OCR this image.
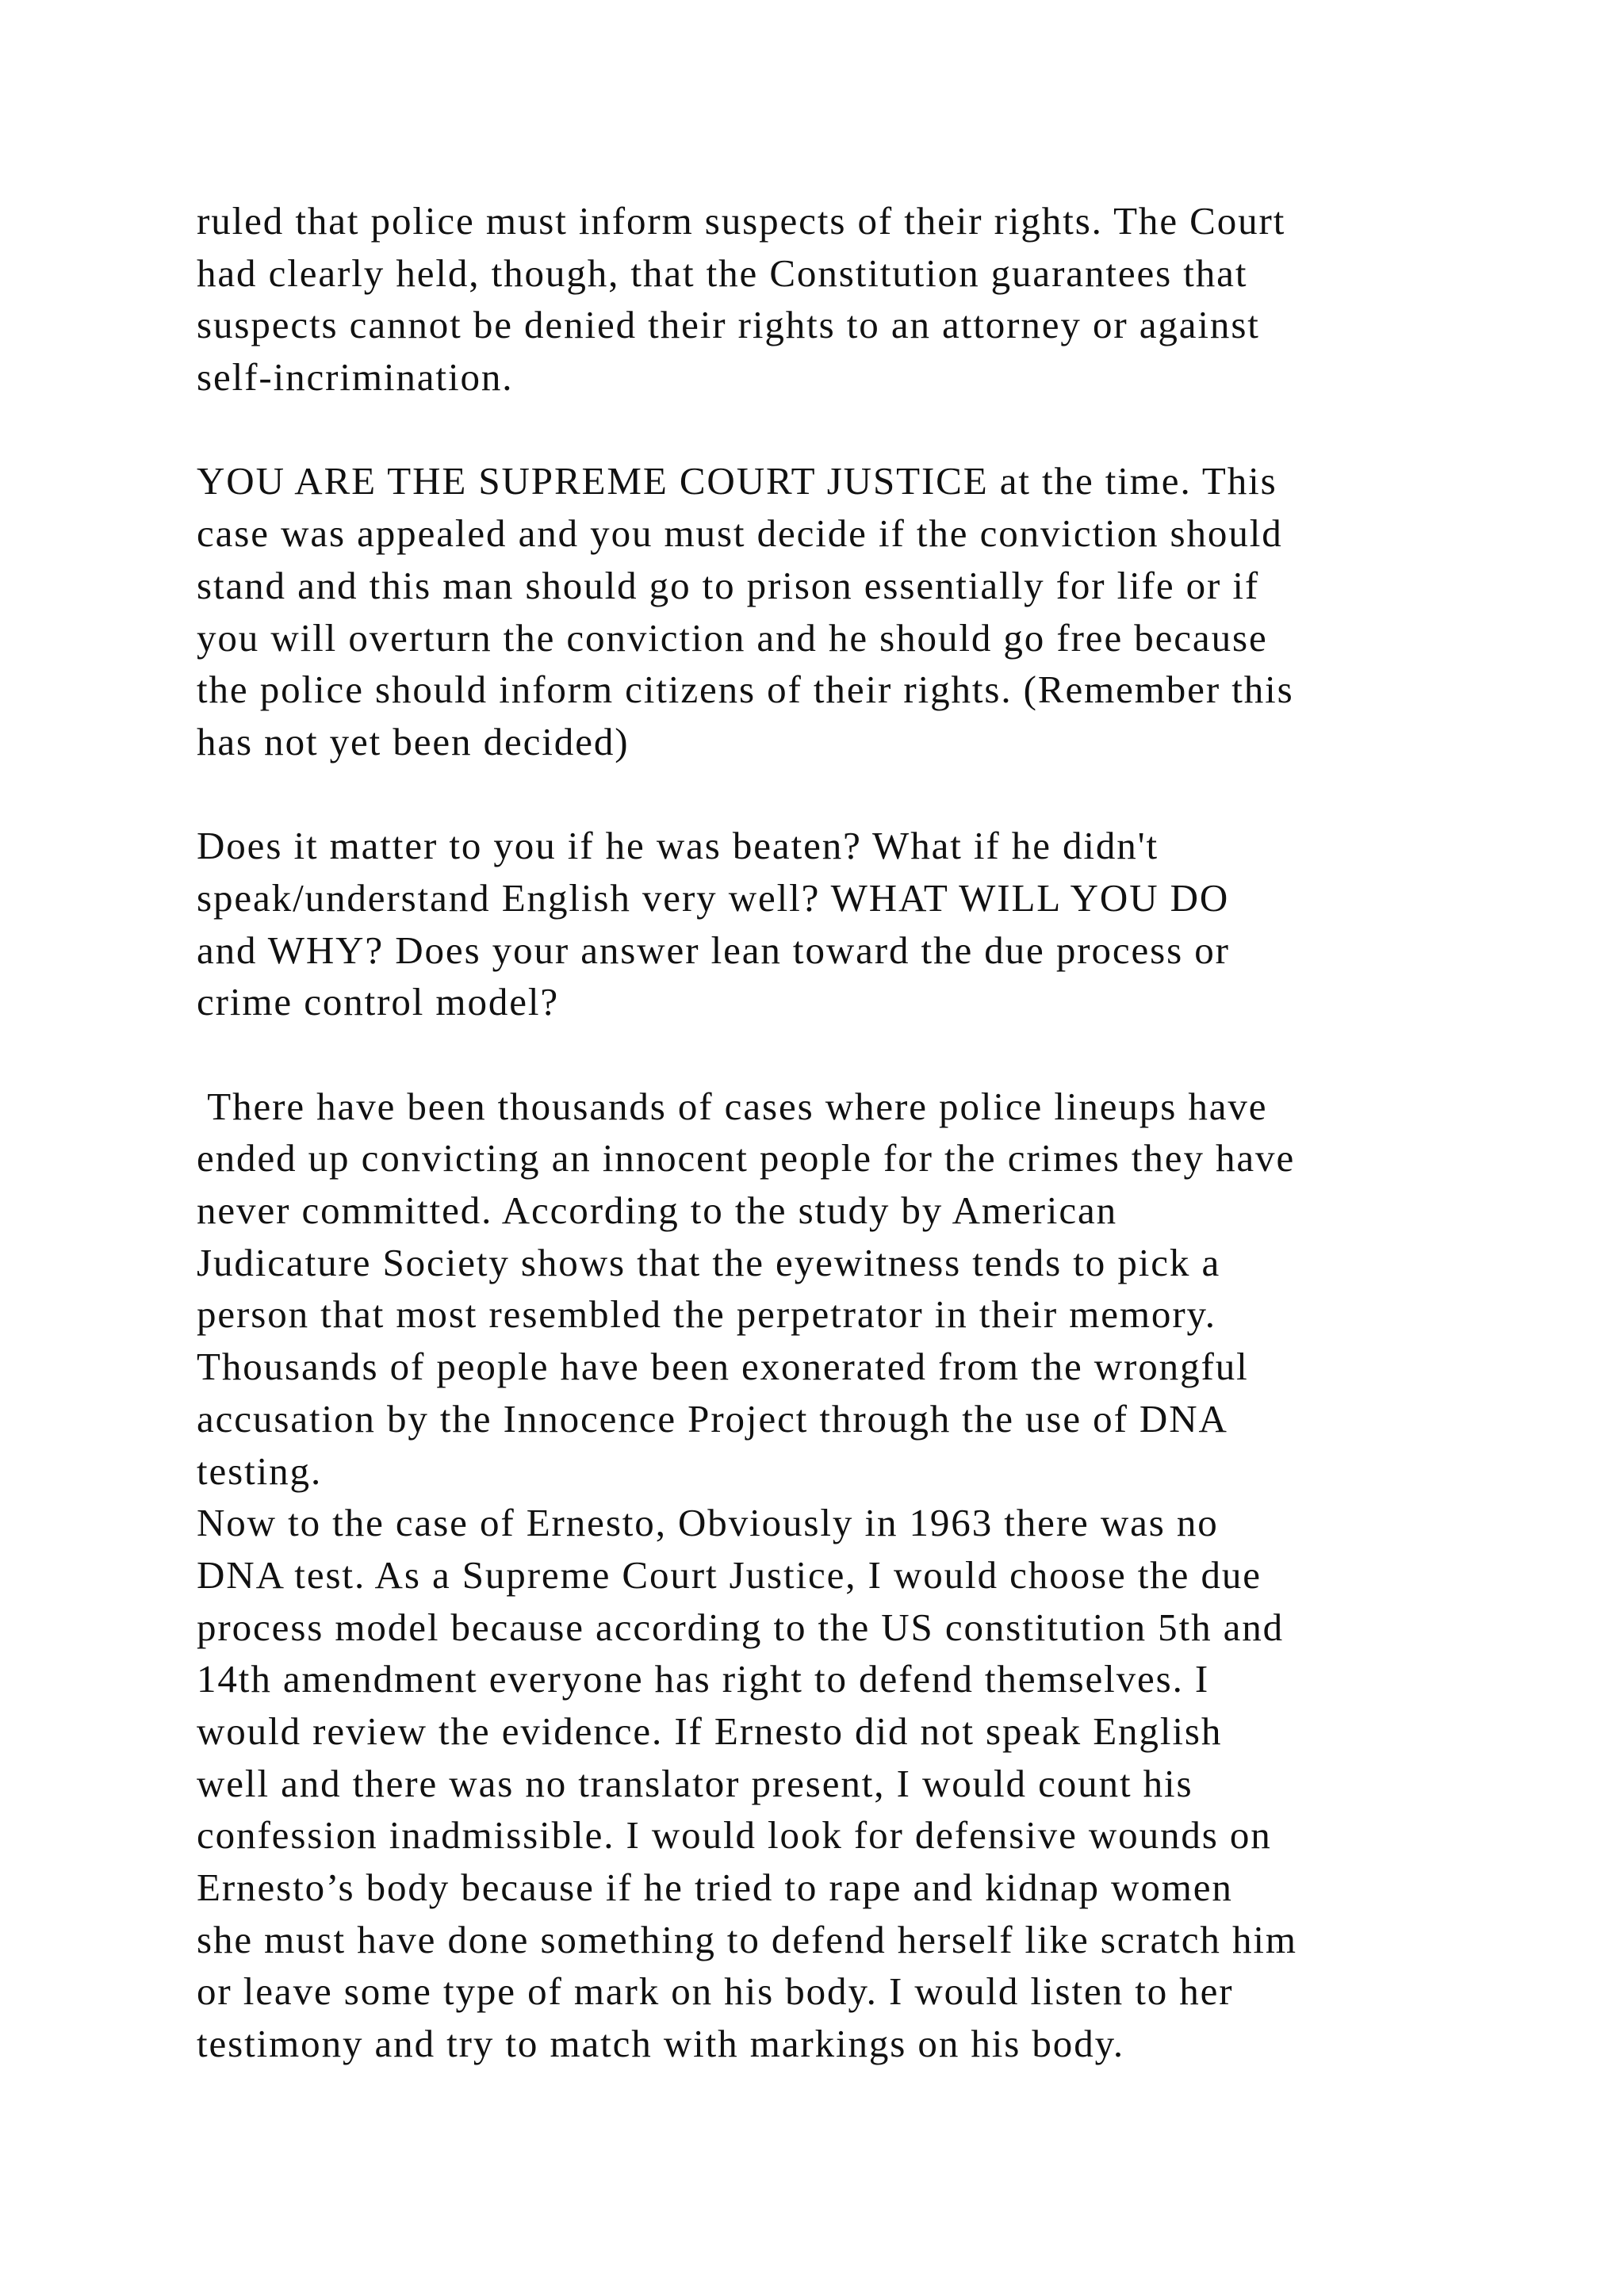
ruled that police must inform suspects of their rights. The Court
had clearly held, though, that the Constitution guarantees that
suspects cannot be denied their rights to an attorney or against
self-incrimination.
YOU ARE THE SUPREME COURT JUSTICE at the time. This
case was appealed and you must decide if the conviction should
stand and this man should go to prison essentially for life or if
you will overturn the conviction and he should go free because
the police should inform citizens of their rights. (Remember this
has not yet been decided)
Does it matter to you if he was beaten? What if he didn't
speak/understand English very well? WHAT WILL YOU DO
and WHY? Does your answer lean toward the due process or
crime control model?
There have been thousands of cases where police lineups have
ended up convicting an innocent people for the crimes they have
never committed. According to the study by American
Judicature Society shows that the eyewitness tends to pick a
person that most resembled the perpetrator in their memory.
Thousands of people have been exonerated from the wrongful
accusation by the Innocence Project through the use of DNA
testing.
Now to the case of Ernesto, Obviously in 1963 there was no
DNA test. As a Supreme Court Justice, I would choose the due
process model because according to the US constitution 5th and
14th amendment everyone has right to defend themselves. I
would review the evidence. If Ernesto did not speak English
well and there was no translator present, I would count his
confession inadmissible. I would look for defensive wounds on
Ernesto’s body because if he tried to rape and kidnap women
she must have done something to defend herself like scratch him
or leave some type of mark on his body. I would listen to her
testimony and try to match with markings on his body.
